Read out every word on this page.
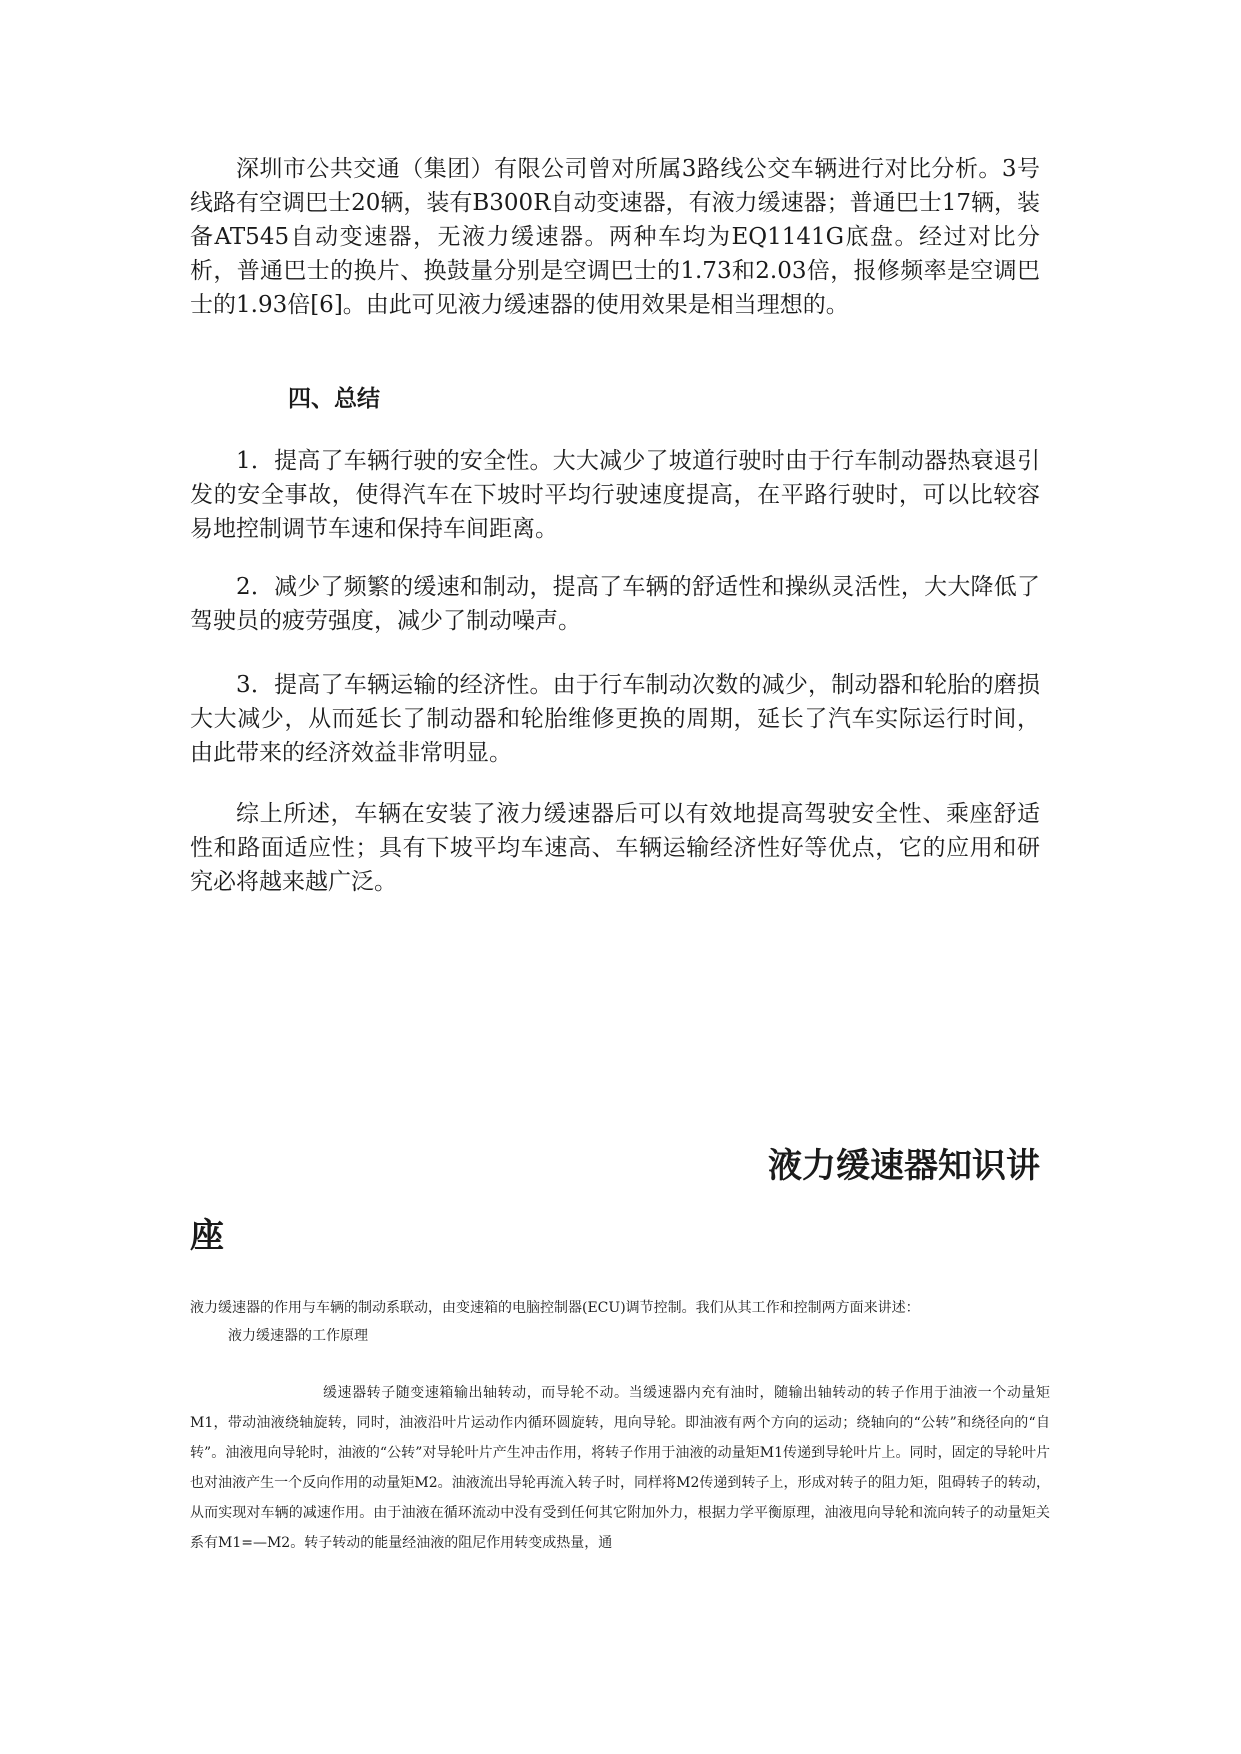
深圳市公共交通（集团）有限公司曾对所属3路线公交车辆进行对比分析。3号线路有空调巴士20辆，装有B300R自动变速器，有液力缓速器；普通巴士17辆，装备AT545自动变速器，无液力缓速器。两种车均为EQ1141G底盘。经过对比分析，普通巴士的换片、换鼓量分别是空调巴士的1.73和2.03倍，报修频率是空调巴士的1.93倍[6]。由此可见液力缓速器的使用效果是相当理想的。

四、总结

1．提高了车辆行驶的安全性。大大减少了坡道行驶时由于行车制动器热衰退引发的安全事故，使得汽车在下坡时平均行驶速度提高，在平路行驶时，可以比较容易地控制调节车速和保持车间距离。

2．减少了频繁的缓速和制动，提高了车辆的舒适性和操纵灵活性，大大降低了驾驶员的疲劳强度，减少了制动噪声。

3．提高了车辆运输的经济性。由于行车制动次数的减少，制动器和轮胎的磨损大大减少，从而延长了制动器和轮胎维修更换的周期，延长了汽车实际运行时间，由此带来的经济效益非常明显。

综上所述，车辆在安装了液力缓速器后可以有效地提高驾驶安全性、乘座舒适性和路面适应性；具有下坡平均车速高、车辆运输经济性好等优点，它的应用和研究必将越来越广泛。

液力缓速器知识讲
座

液力缓速器的作用与车辆的制动系联动，由变速箱的电脑控制器(ECU)调节控制。我们从其工作和控制两方面来讲述：

液力缓速器的工作原理

缓速器转子随变速箱输出轴转动，而导轮不动。当缓速器内充有油时，随输出轴转动的转子作用于油液一个动量矩M1，带动油液绕轴旋转，同时，油液沿叶片运动作内循环圆旋转，甩向导轮。即油液有两个方向的运动；绕轴向的“公转”和绕径向的“自转”。油液甩向导轮时，油液的“公转”对导轮叶片产生冲击作用，将转子作用于油液的动量矩M1传递到导轮叶片上。同时，固定的导轮叶片也对油液产生一个反向作用的动量矩M2。油液流出导轮再流入转子时，同样将M2传递到转子上，形成对转子的阻力矩，阻碍转子的转动，从而实现对车辆的减速作用。由于油液在循环流动中没有受到任何其它附加外力，根据力学平衡原理，油液甩向导轮和流向转子的动量矩关系有M1=—M2。转子转动的能量经油液的阻尼作用转变成热量，通
